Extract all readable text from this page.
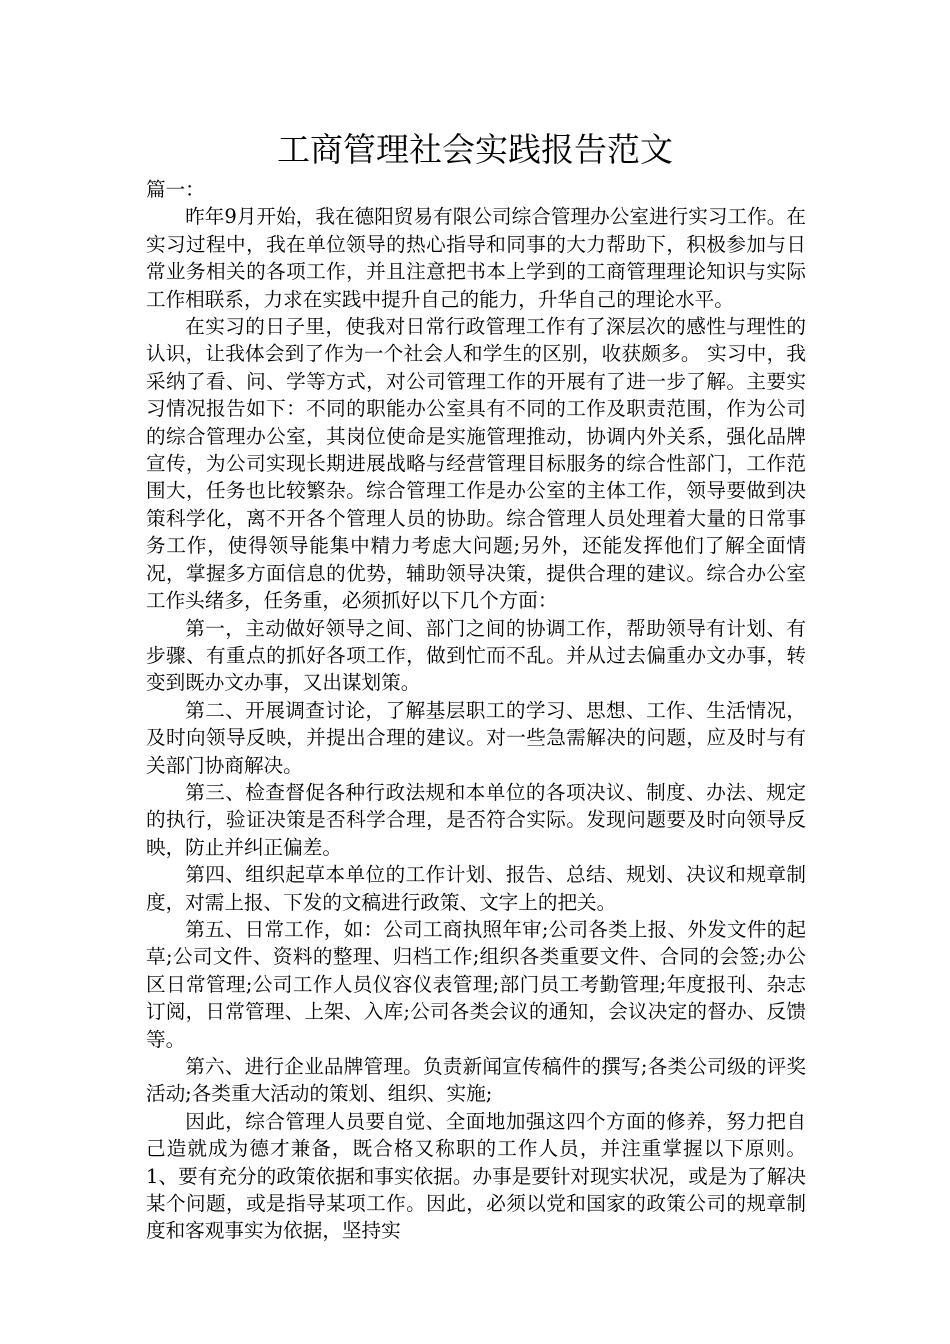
工商管理社会实践报告范文

篇一：

昨年9月开始，我在德阳贸易有限公司综合管理办公室进行实习工作。在实习过程中，我在单位领导的热心指导和同事的大力帮助下，积极参加与日常业务相关的各项工作，并且注意把书本上学到的工商管理理论知识与实际工作相联系，力求在实践中提升自己的能力，升华自己的理论水平。

在实习的日子里，使我对日常行政管理工作有了深层次的感性与理性的认识，让我体会到了作为一个社会人和学生的区别，收获颇多。 实习中，我采纳了看、问、学等方式，对公司管理工作的开展有了进一步了解。主要实习情况报告如下：不同的职能办公室具有不同的工作及职责范围，作为公司的综合管理办公室，其岗位使命是实施管理推动，协调内外关系，强化品牌宣传，为公司实现长期进展战略与经营管理目标服务的综合性部门，工作范围大，任务也比较繁杂。综合管理工作是办公室的主体工作，领导要做到决策科学化，离不开各个管理人员的协助。综合管理人员处理着大量的日常事务工作，使得领导能集中精力考虑大问题;另外，还能发挥他们了解全面情况，掌握多方面信息的优势，辅助领导决策，提供合理的建议。综合办公室工作头绪多，任务重，必须抓好以下几个方面：

第一，主动做好领导之间、部门之间的协调工作，帮助领导有计划、有步骤、有重点的抓好各项工作，做到忙而不乱。并从过去偏重办文办事，转变到既办文办事，又出谋划策。

第二、开展调查讨论，了解基层职工的学习、思想、工作、生活情况，及时向领导反映，并提出合理的建议。对一些急需解决的问题，应及时与有关部门协商解决。

第三、检查督促各种行政法规和本单位的各项决议、制度、办法、规定的执行，验证决策是否科学合理，是否符合实际。发现问题要及时向领导反映，防止并纠正偏差。

第四、组织起草本单位的工作计划、报告、总结、规划、决议和规章制度，对需上报、下发的文稿进行政策、文字上的把关。

第五、日常工作，如：公司工商执照年审;公司各类上报、外发文件的起草;公司文件、资料的整理、归档工作;组织各类重要文件、合同的会签;办公区日常管理;公司工作人员仪容仪表管理;部门员工考勤管理;年度报刊、杂志订阅，日常管理、上架、入库;公司各类会议的通知，会议决定的督办、反馈等。

第六、进行企业品牌管理。负责新闻宣传稿件的撰写;各类公司级的评奖活动;各类重大活动的策划、组织、实施;

因此，综合管理人员要自觉、全面地加强这四个方面的修养，努力把自己造就成为德才兼备，既合格又称职的工作人员，并注重掌握以下原则。 1、要有充分的政策依据和事实依据。办事是要针对现实状况，或是为了解决某个问题，或是指导某项工作。因此，必须以党和国家的政策公司的规章制度和客观事实为依据，坚持实
